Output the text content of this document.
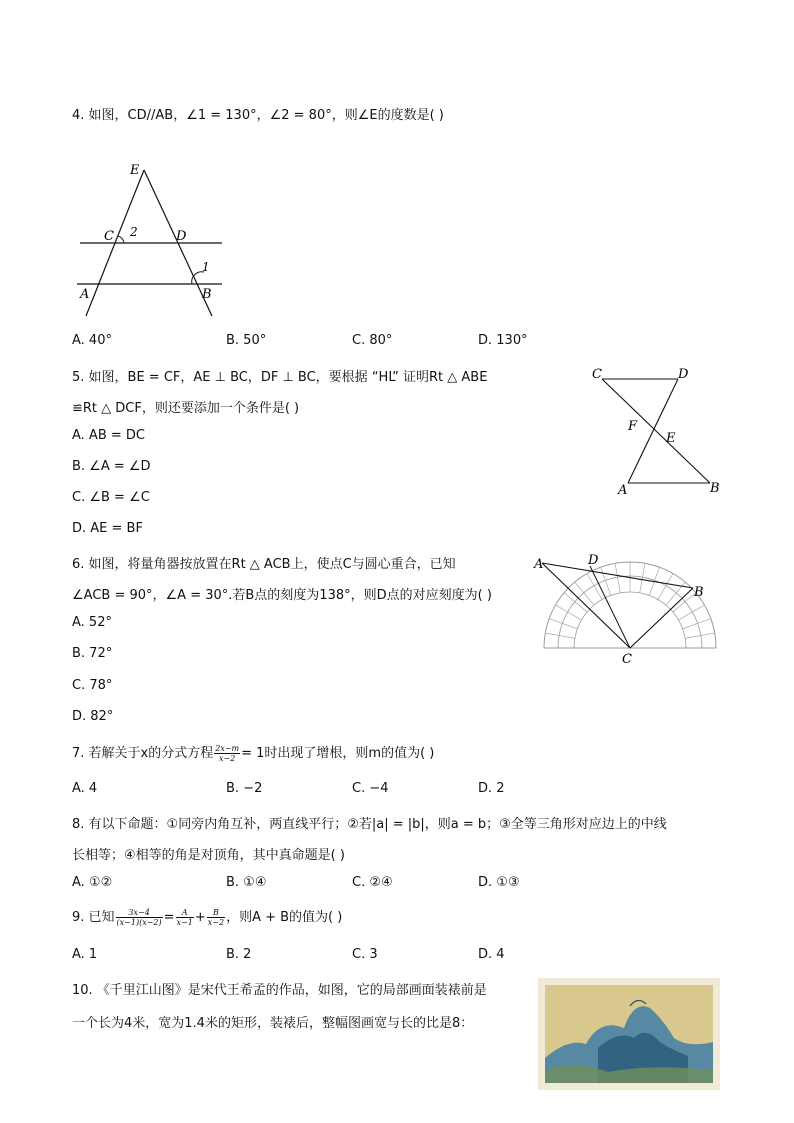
4. 如图，CD//AB，∠1 = 130°，∠2 = 80°，则∠E的度数是( )
E
C 2	D
1
A	B
A. 40°	B. 50°	C. 80°	D. 130°
5. 如图，BE = CF，AE ⊥ BC，DF ⊥ BC，要根据 “HL” 证明Rt △ ABE
≌Rt △ DCF，则还要添加一个条件是( )
A. AB = DC
B. ∠A = ∠D
C. ∠B = ∠C
D. AE = BF
C	D
F
E
A	B
6. 如图，将量角器按放置在Rt △ ACB上，使点C与圆心重合，已知
∠ACB = 90°，∠A = 30°.若B点的刻度为138°，则D点的对应刻度为( )
A. 52°
B. 72°
C. 78°
D. 82°
A	D
B
C
7. 若解关于x的分式方程 $\frac{2x-m}{x-2} = 1$时出现了增根，则m的值为( )
A. 4	B. −2	C. −4	D. 2
8. 有以下命题：①同旁内角互补，两直线平行；②若|a| = |b|，则a = b；③全等三角形对应边上的中线
长相等；④相等的角是对顶角，其中真命题是( )
A. ①②	B. ①④	C. ②④	D. ①③
9. 已知 $\frac{3x-4}{(x-1)(x-2)} = \frac{A}{x-1} + \frac{B}{x-2}$ ，则A + B的值为( )
A. 1	B. 2	C. 3	D. 4
10. 《千里江山图》是宋代王希孟的作品，如图，它的局部画面装裱前是
一个长为4米，宽为1.4米的矩形，装裱后，整幅图画宽与长的比是8：
